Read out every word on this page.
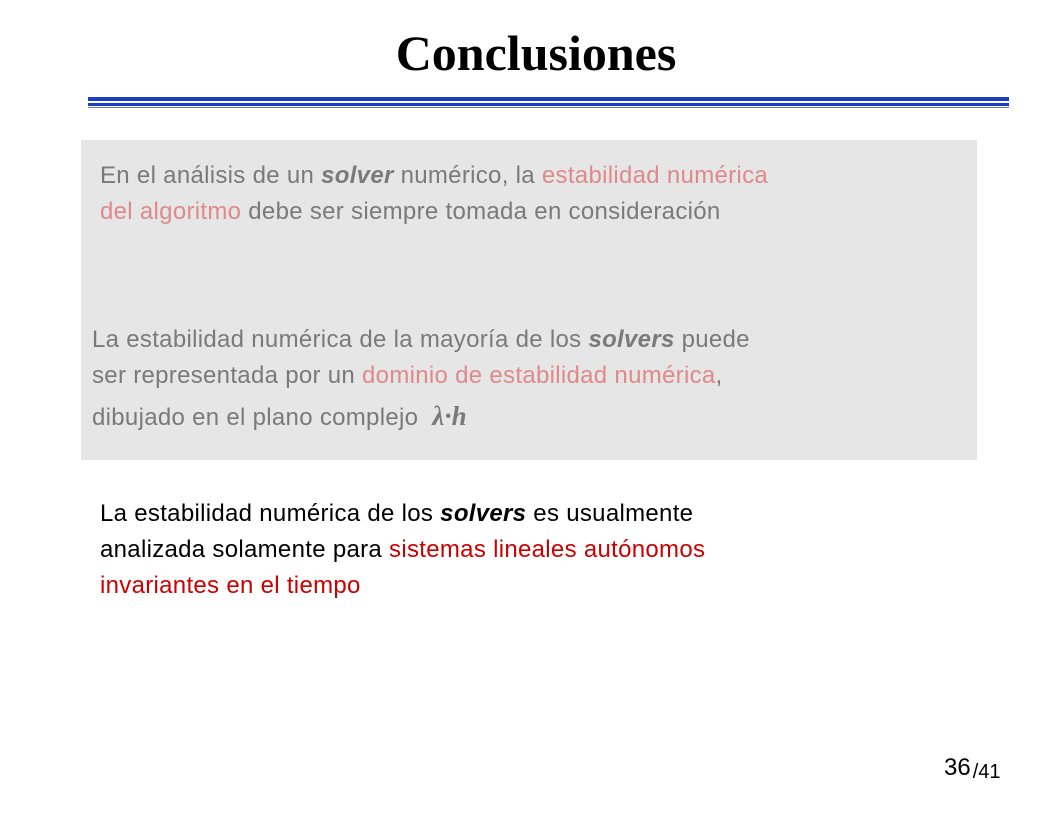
Conclusiones
En el análisis de un solver numérico, la estabilidad numérica
del algoritmo debe ser siempre tomada en consideración
La estabilidad numérica de la mayoría de los solvers puede
ser representada por un dominio de estabilidad numérica,
dibujado en el plano complejo λ·h
La estabilidad numérica de los solvers es usualmente
analizada solamente para sistemas lineales autónomos
invariantes en el tiempo
36 /41
